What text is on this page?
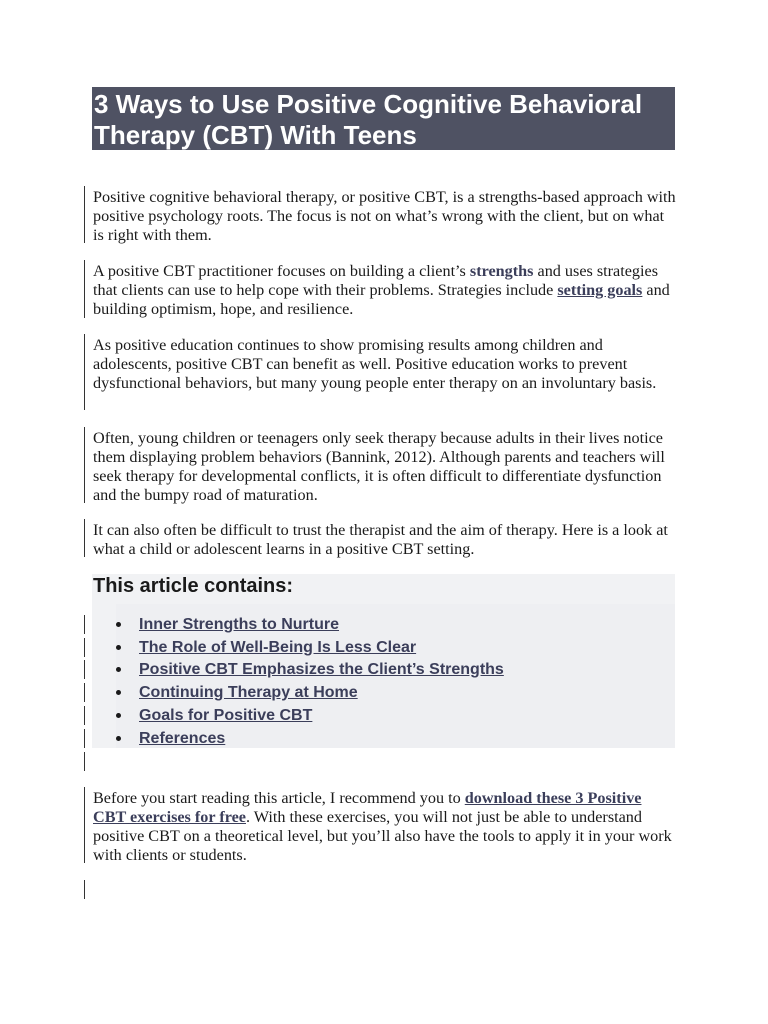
3 Ways to Use Positive Cognitive Behavioral Therapy (CBT) With Teens

Positive cognitive behavioral therapy, or positive CBT, is a strengths-based approach with positive psychology roots. The focus is not on what’s wrong with the client, but on what is right with them.

A positive CBT practitioner focuses on building a client’s strengths and uses strategies that clients can use to help cope with their problems. Strategies include setting goals and building optimism, hope, and resilience.

As positive education continues to show promising results among children and adolescents, positive CBT can benefit as well. Positive education works to prevent dysfunctional behaviors, but many young people enter therapy on an involuntary basis.

Often, young children or teenagers only seek therapy because adults in their lives notice them displaying problem behaviors (Bannink, 2012). Although parents and teachers will seek therapy for developmental conflicts, it is often difficult to differentiate dysfunction and the bumpy road of maturation.

It can also often be difficult to trust the therapist and the aim of therapy. Here is a look at what a child or adolescent learns in a positive CBT setting.

This article contains:
Inner Strengths to Nurture
The Role of Well-Being Is Less Clear
Positive CBT Emphasizes the Client’s Strengths
Continuing Therapy at Home
Goals for Positive CBT
References

Before you start reading this article, I recommend you to download these 3 Positive CBT exercises for free. With these exercises, you will not just be able to understand positive CBT on a theoretical level, but you’ll also have the tools to apply it in your work with clients or students.
